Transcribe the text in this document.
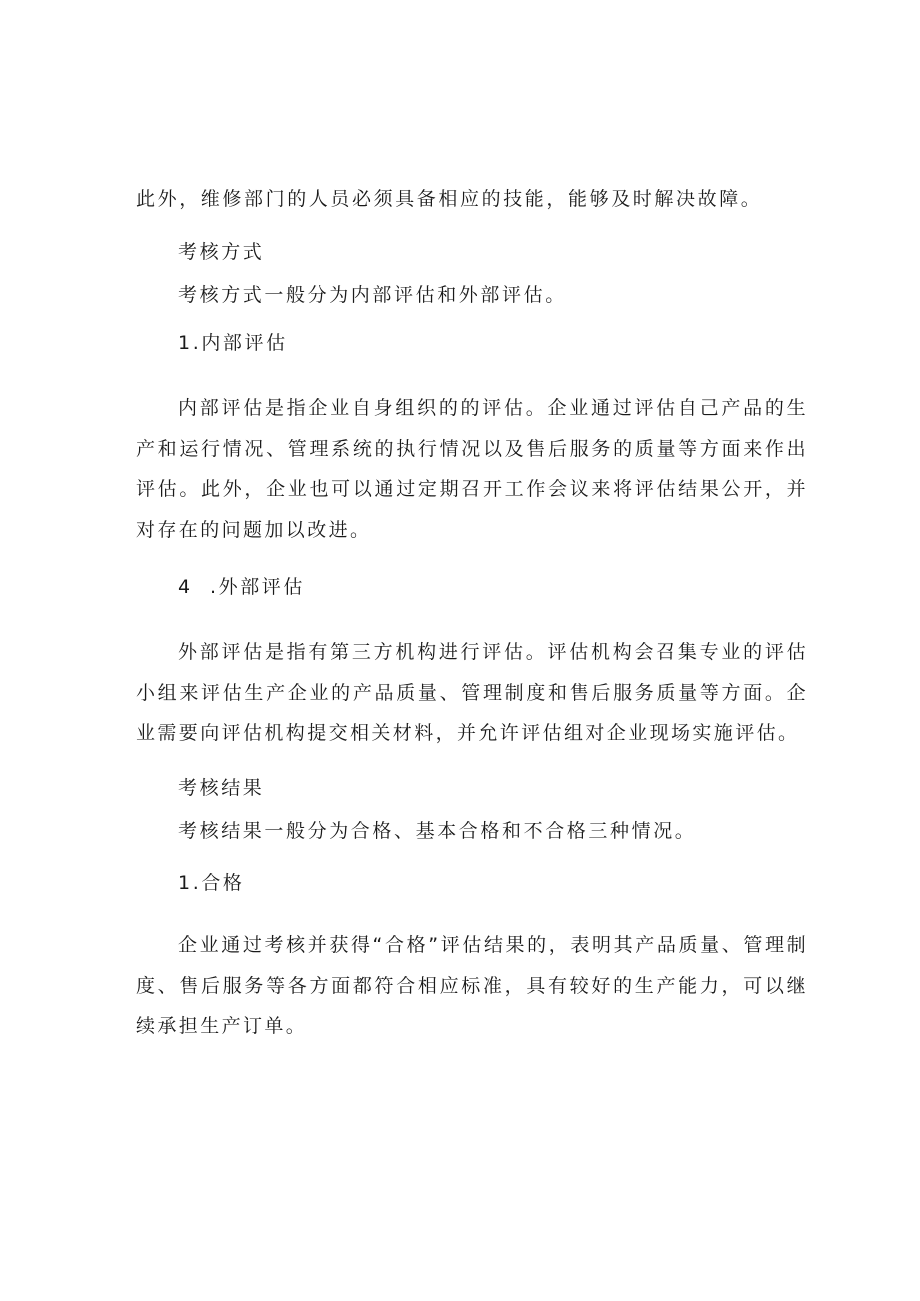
此外，维修部门的人员必须具备相应的技能，能够及时解决故障。
考核方式
考核方式一般分为内部评估和外部评估。
1.内部评估
内部评估是指企业自身组织的的评估。企业通过评估自己产品的生产和运行情况、管理系统的执行情况以及售后服务的质量等方面来作出评估。此外，企业也可以通过定期召开工作会议来将评估结果公开，并对存在的问题加以改进。
4  .外部评估
外部评估是指有第三方机构进行评估。评估机构会召集专业的评估小组来评估生产企业的产品质量、管理制度和售后服务质量等方面。企业需要向评估机构提交相关材料，并允许评估组对企业现场实施评估。
考核结果
考核结果一般分为合格、基本合格和不合格三种情况。
1.合格
企业通过考核并获得“合格”评估结果的，表明其产品质量、管理制度、售后服务等各方面都符合相应标准，具有较好的生产能力，可以继续承担生产订单。
